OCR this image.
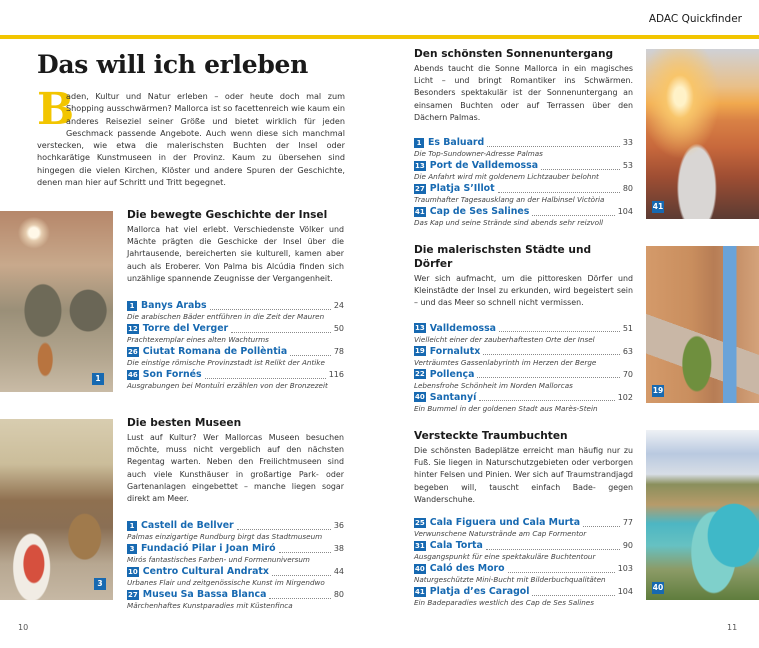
ADAC Quickfinder
Das will ich erleben
B
aden, Kultur und Natur erleben – oder heute doch mal zum Shopping ausschwärmen? Mallorca ist so facettenreich wie kaum ein anderes Reiseziel seiner Größe und bietet wirklich für jeden Geschmack passende Angebote. Auch wenn diese sich manchmal verstecken, wie etwa die malerischsten Buchten der Insel oder hochkarätige Kunstmuseen in der Provinz. Kaum zu übersehen sind hingegen die vielen Kirchen, Klöster und andere Spuren der Geschichte, denen man hier auf Schritt und Tritt begegnet.
1
Die bewegte Geschichte der Insel

Mallorca hat viel erlebt. Verschiedenste Völker und Mächte prägten die Geschicke der Insel über die Jahrtausende, bereicherten sie kulturell, kamen aber auch als Eroberer. Von Palma bis Alcúdia finden sich unzählige spannende Zeugnisse der Vergangenheit.

1 Banys Arabs	24
Die arabischen Bäder entführen in die Zeit der Mauren
12 Torre del Verger	50
Prachtexemplar eines alten Wachturms
26 Ciutat Romana de Pollèntia	78
Die einstige römische Provinzstadt ist Relikt der Antike
46 Son Fornés	116
Ausgrabungen bei Montuïri erzählen von der Bronzezeit
3
Die besten Museen

Lust auf Kultur? Wer Mallorcas Museen besuchen möchte, muss nicht vergeblich auf den nächsten Regentag warten. Neben den Freilichtmuseen sind auch viele Kunsthäuser in großartige Park- oder Gartenanlagen eingebettet – manche liegen sogar direkt am Meer.

1 Castell de Bellver	36
Palmas einzigartige Rundburg birgt das Stadtmuseum
3 Fundació Pilar i Joan Miró	38
Mirós fantastisches Farben- und Formenuniversum
10 Centro Cultural Andratx	44
Urbanes Flair und zeitgenössische Kunst im Nirgendwo
27 Museu Sa Bassa Blanca	80
Märchenhaftes Kunstparadies mit Küstenfinca
10
Den schönsten Sonnenuntergang

Abends taucht die Sonne Mallorca in ein magisches Licht – und bringt Romantiker ins Schwärmen. Besonders spektakulär ist der Sonnenuntergang an einsamen Buchten oder auf Terrassen über den Dächern Palmas.

1 Es Baluard	33
Die Top-Sundowner-Adresse Palmas
13 Port de Valldemossa	53
Die Anfahrt wird mit goldenem Lichtzauber belohnt
27 Platja S’Illot	80
Traumhafter Tagesausklang an der Halbinsel Victòria
41 Cap de Ses Salines	104
Das Kap und seine Strände sind abends sehr reizvoll
41
Die malerischsten Städte und Dörfer

Wer sich aufmacht, um die pittoresken Dörfer und Kleinstädte der Insel zu erkunden, wird begeistert sein – und das Meer so schnell nicht vermissen.

13 Valldemossa	51
Vielleicht einer der zauberhaftesten Orte der Insel
19 Fornalutx	63
Verträumtes Gassenlabyrinth im Herzen der Berge
22 Pollença	70
Lebensfrohe Schönheit im Norden Mallorcas
40 Santanyí	102
Ein Bummel in der goldenen Stadt aus Marès-Stein
19
Versteckte Traumbuchten

Die schönsten Badeplätze erreicht man häufig nur zu Fuß. Sie liegen in Naturschutzgebieten oder verborgen hinter Felsen und Pinien. Wer sich auf Traumstrandjagd begeben will, tauscht einfach Bade- gegen Wanderschuhe.

25 Cala Figuera und Cala Murta	77
Verwunschene Naturstrände am Cap Formentor
31 Cala Torta	90
Ausgangspunkt für eine spektakuläre Buchtentour
40 Caló des Moro	103
Naturgeschützte Mini-Bucht mit Bilderbuchqualitäten
41 Platja d’es Caragol	104
Ein Badeparadies westlich des Cap de Ses Salines
40
11
